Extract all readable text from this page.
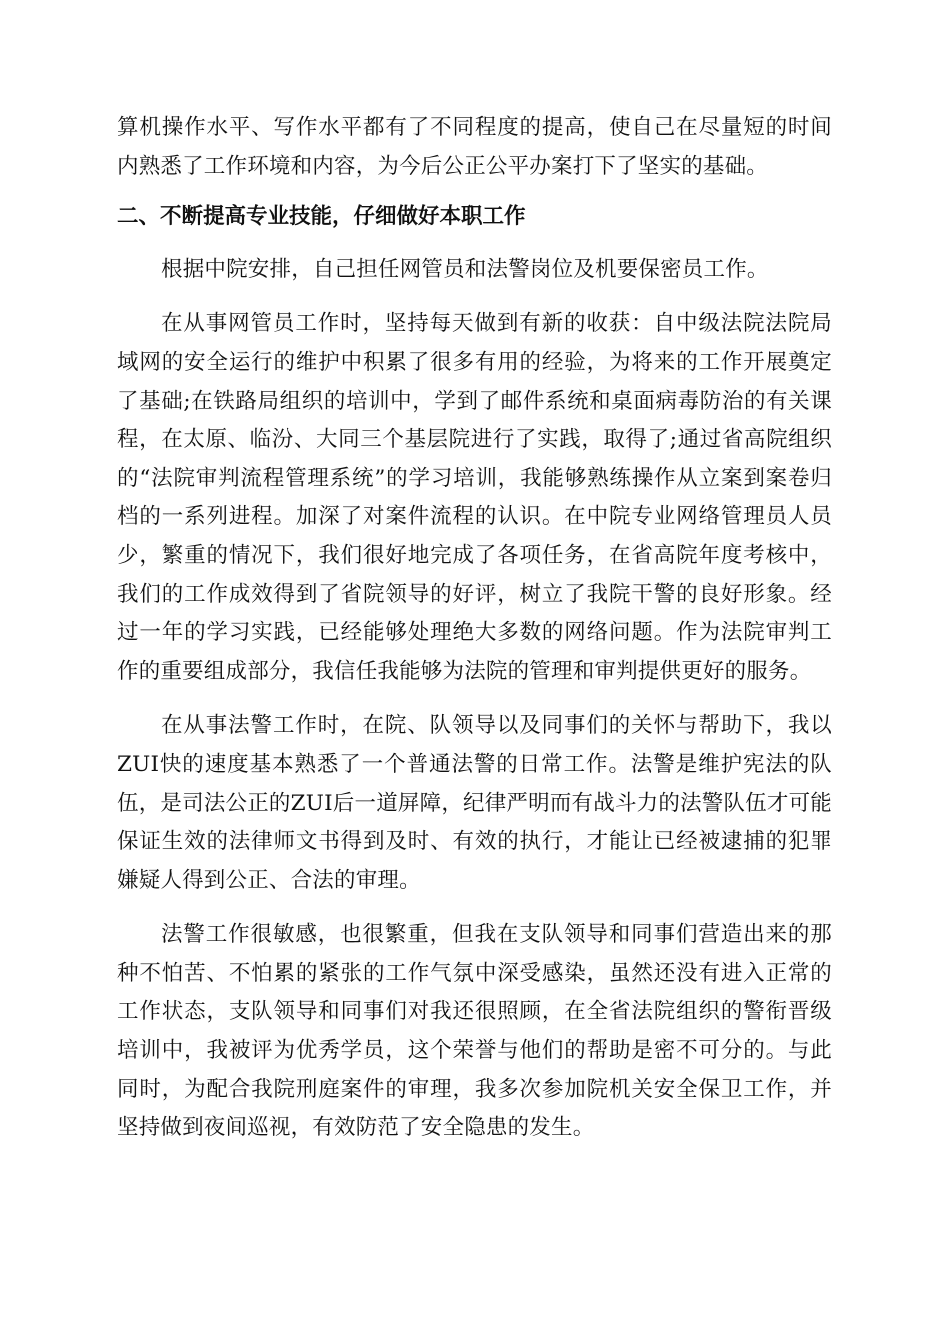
算机操作水平、写作水平都有了不同程度的提高，使自己在尽量短的时间内熟悉了工作环境和内容，为今后公正公平办案打下了坚实的基础。

二、不断提高专业技能，仔细做好本职工作

根据中院安排，自己担任网管员和法警岗位及机要保密员工作。

在从事网管员工作时，坚持每天做到有新的收获：自中级法院法院局域网的安全运行的维护中积累了很多有用的经验，为将来的工作开展奠定了基础;在铁路局组织的培训中，学到了邮件系统和桌面病毒防治的有关课程，在太原、临汾、大同三个基层院进行了实践，取得了;通过省高院组织的“法院审判流程管理系统”的学习培训，我能够熟练操作从立案到案卷归档的一系列进程。加深了对案件流程的认识。在中院专业网络管理员人员少，繁重的情况下，我们很好地完成了各项任务，在省高院年度考核中，我们的工作成效得到了省院领导的好评，树立了我院干警的良好形象。经过一年的学习实践，已经能够处理绝大多数的网络问题。作为法院审判工作的重要组成部分，我信任我能够为法院的管理和审判提供更好的服务。

在从事法警工作时，在院、队领导以及同事们的关怀与帮助下，我以ZUI快的速度基本熟悉了一个普通法警的日常工作。法警是维护宪法的队伍，是司法公正的ZUI后一道屏障，纪律严明而有战斗力的法警队伍才可能保证生效的法律师文书得到及时、有效的执行，才能让已经被逮捕的犯罪嫌疑人得到公正、合法的审理。

法警工作很敏感，也很繁重，但我在支队领导和同事们营造出来的那种不怕苦、不怕累的紧张的工作气氛中深受感染，虽然还没有进入正常的工作状态，支队领导和同事们对我还很照顾，在全省法院组织的警衔晋级培训中，我被评为优秀学员，这个荣誉与他们的帮助是密不可分的。与此同时，为配合我院刑庭案件的审理，我多次参加院机关安全保卫工作，并坚持做到夜间巡视，有效防范了安全隐患的发生。
